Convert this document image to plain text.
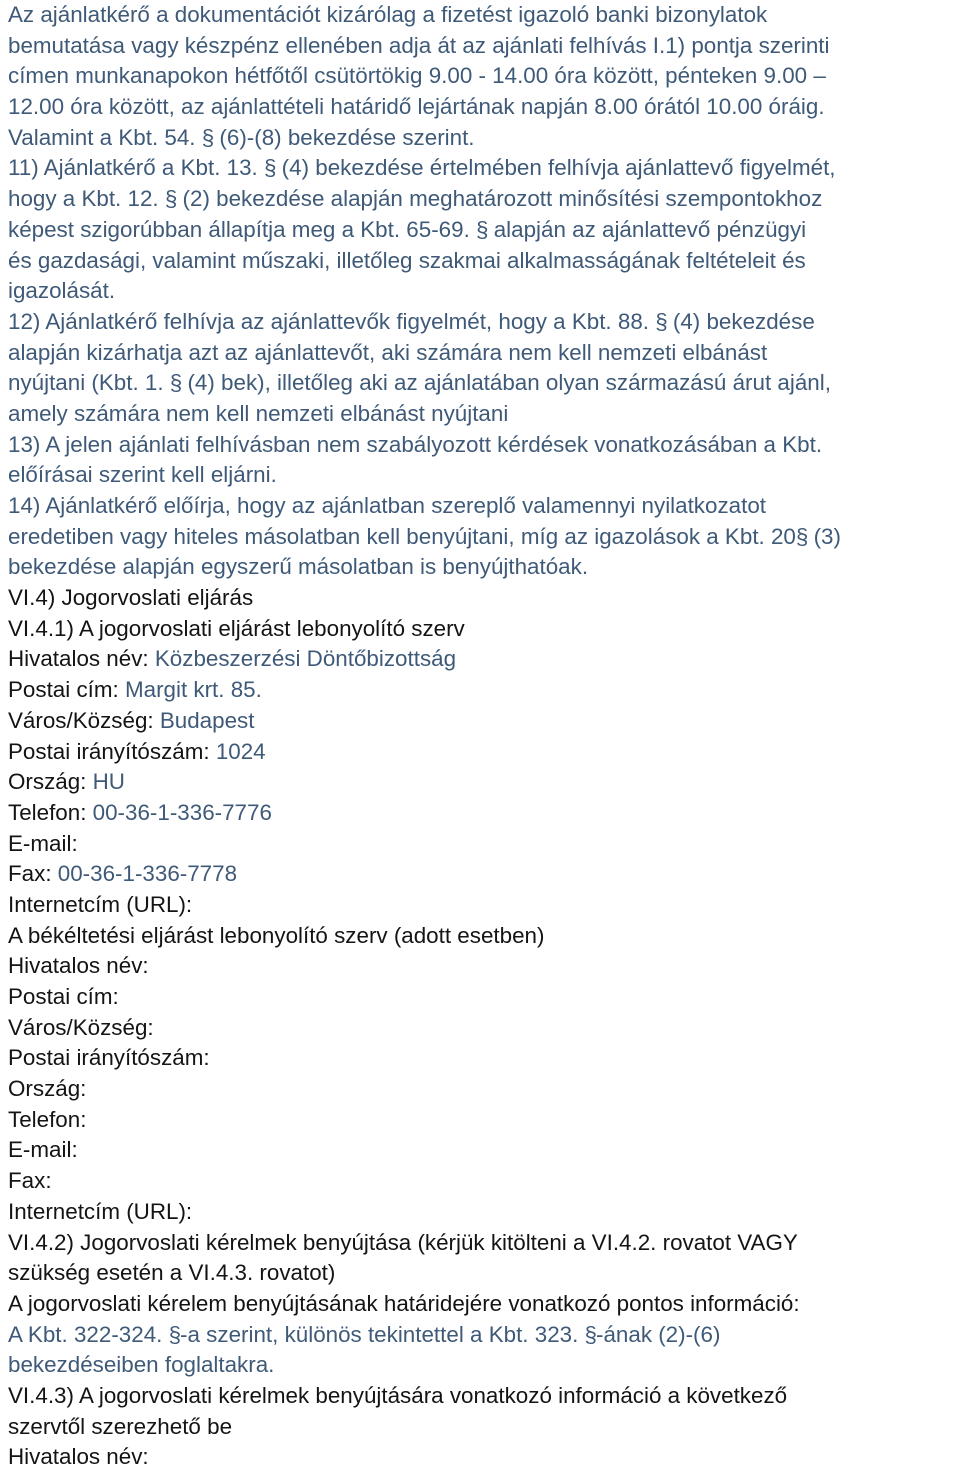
Az ajánlatkérő a dokumentációt kizárólag a fizetést igazoló banki bizonylatok
bemutatása vagy készpénz ellenében adja át az ajánlati felhívás I.1) pontja szerinti
címen munkanapokon hétfőtől csütörtökig 9.00 - 14.00 óra között, pénteken 9.00 –
12.00 óra között, az ajánlattételi határidő lejártának napján 8.00 órától 10.00 óráig.
Valamint a Kbt. 54. § (6)-(8) bekezdése szerint.
11) Ajánlatkérő a Kbt. 13. § (4) bekezdése értelmében felhívja ajánlattevő figyelmét,
hogy a Kbt. 12. § (2) bekezdése alapján meghatározott minősítési szempontokhoz
képest szigorúbban állapítja meg a Kbt. 65-69. § alapján az ajánlattevő pénzügyi
és gazdasági, valamint műszaki, illetőleg szakmai alkalmasságának feltételeit és
igazolását.
12) Ajánlatkérő felhívja az ajánlattevők figyelmét, hogy a Kbt. 88. § (4) bekezdése
alapján kizárhatja azt az ajánlattevőt, aki számára nem kell nemzeti elbánást
nyújtani (Kbt. 1. § (4) bek), illetőleg aki az ajánlatában olyan származású árut ajánl,
amely számára nem kell nemzeti elbánást nyújtani
13) A jelen ajánlati felhívásban nem szabályozott kérdések vonatkozásában a Kbt.
előírásai szerint kell eljárni.
14) Ajánlatkérő előírja, hogy az ajánlatban szereplő valamennyi nyilatkozatot
eredetiben vagy hiteles másolatban kell benyújtani, míg az igazolások a Kbt. 20§ (3)
bekezdése alapján egyszerű másolatban is benyújthatóak.
VI.4) Jogorvoslati eljárás
VI.4.1) A jogorvoslati eljárást lebonyolító szerv
Hivatalos név: Közbeszerzési Döntőbizottság
Postai cím: Margit krt. 85.
Város/Község: Budapest
Postai irányítószám: 1024
Ország: HU
Telefon: 00-36-1-336-7776
E-mail:
Fax: 00-36-1-336-7778
Internetcím (URL):
A békéltetési eljárást lebonyolító szerv (adott esetben)
Hivatalos név:
Postai cím:
Város/Község:
Postai irányítószám:
Ország:
Telefon:
E-mail:
Fax:
Internetcím (URL):
VI.4.2) Jogorvoslati kérelmek benyújtása (kérjük kitölteni a VI.4.2. rovatot VAGY
szükség esetén a VI.4.3. rovatot)
A jogorvoslati kérelem benyújtásának határidejére vonatkozó pontos információ:
A Kbt. 322-324. §-a szerint, különös tekintettel a Kbt. 323. §-ának (2)-(6)
bekezdéseiben foglaltakra.
VI.4.3) A jogorvoslati kérelmek benyújtására vonatkozó információ a következő
szervtől szerezhető be
Hivatalos név:
